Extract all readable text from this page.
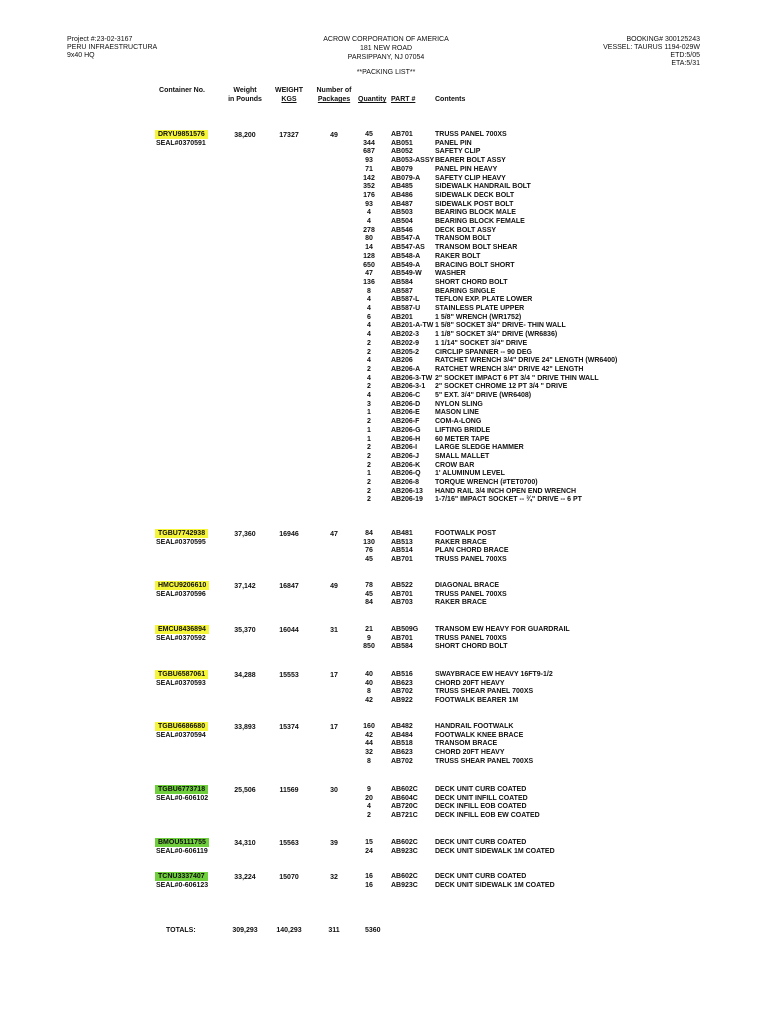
Project #:23-02-3167
PERU INFRAESTRUCTURA
9x40 HQ
ACROW CORPORATION OF AMERICA
181 NEW ROAD
PARSIPPANY, NJ 07054
**PACKING LIST**
BOOKING# 300125243
VESSEL: TAURUS 1194-029W
ETD:5/05
ETA:5/31
Container No.	Weight
in Pounds
WEIGHT
KGS
Number of
Packages	Quantity PART #	Contents
DRYU9851576
SEAL#0370591
38,200	17327	49	45	AB701	TRUSS PANEL 700XS
344	AB051	PANEL PIN
687	AB052	SAFETY CLIP
93	AB053-ASSY BEARER BOLT ASSY
71	AB079	PANEL PIN HEAVY
142	AB079-A SAFETY CLIP HEAVY
352	AB485	SIDEWALK HANDRAIL BOLT
176	AB486	SIDEWALK DECK BOLT
93	AB487	SIDEWALK POST BOLT
4	AB503	BEARING BLOCK MALE
4	AB504	BEARING BLOCK FEMALE
278	AB546	DECK BOLT ASSY
80	AB547-A TRANSOM BOLT
14	AB547-AS TRANSOM BOLT SHEAR
128	AB548-A RAKER BOLT
650	AB549-A BRACING BOLT SHORT
47	AB549-W WASHER
136	AB584	SHORT CHORD BOLT
8	AB587	BEARING SINGLE
4	AB587-L TEFLON EXP. PLATE LOWER
4	AB587-U STAINLESS PLATE UPPER
6	AB201	1 5/8" WRENCH (WR1752)
4	AB201-A-TW 1 5/8" SOCKET 3/4" DRIVE- THIN WALL
4	AB202-3 1 1/8" SOCKET 3/4" DRIVE (WR6836)
2	AB202-9 1 1/14" SOCKET 3/4" DRIVE
2	AB205-2 CIRCLIP SPANNER -- 90 DEG
4	AB206	RATCHET WRENCH 3/4" DRIVE 24" LENGTH (WR6400)
2	AB206-A RATCHET WRENCH 3/4" DRIVE 42" LENGTH
4	AB206-3-TW 2" SOCKET IMPACT 6 PT 3/4 " DRIVE THIN WALL
2	AB206-3-1 2" SOCKET CHROME 12 PT 3/4 " DRIVE
4	AB206-C 5" EXT. 3/4" DRIVE (WR6408)
3	AB206-D NYLON SLING
1	AB206-E MASON LINE
2	AB206-F COM-A-LONG
1	AB206-G LIFTING BRIDLE
1	AB206-H 60 METER TAPE
2	AB206-I	LARGE SLEDGE HAMMER
2	AB206-J SMALL MALLET
2	AB206-K CROW BAR
1	AB206-Q 1' ALUMINUM LEVEL
2	AB206-8 TORQUE WRENCH (#TET0700)
2	AB206-13 HAND RAIL 3/4 INCH OPEN END WRENCH
2	AB206-19 1-7/16" IMPACT SOCKET -- ¾" DRIVE -- 6 PT
TGBU7742938
SEAL#0370595
37,360	16946	47	84	AB481	FOOTWALK POST
130	AB513	RAKER BRACE
76	AB514	PLAN CHORD BRACE
45	AB701	TRUSS PANEL 700XS
HMCU9206610
SEAL#0370596
37,142	16847	49	78	AB522	DIAGONAL BRACE
45	AB701	TRUSS PANEL 700XS
84	AB703	RAKER BRACE
EMCU8436894
SEAL#0370592
35,370	16044	31	21	AB509G TRANSOM EW HEAVY FOR GUARDRAIL
9	AB701	TRUSS PANEL 700XS
850	AB584	SHORT CHORD BOLT
TGBU6587061
SEAL#0370593
34,288	15553	17	40	AB516	SWAYBRACE EW HEAVY 16FT9-1/2
40	AB623	CHORD 20FT HEAVY
8	AB702	TRUSS SHEAR PANEL 700XS
42	AB922	FOOTWALK BEARER 1M
TGBU6686680
SEAL#0370594
33,893	15374	17	160	AB482	HANDRAIL FOOTWALK
42	AB484	FOOTWALK KNEE BRACE
44	AB518	TRANSOM BRACE
32	AB623	CHORD 20FT HEAVY
8	AB702	TRUSS SHEAR PANEL 700XS
TGBU6773718
SEAL#0-606102
25,506	11569	30	9	AB602C DECK UNIT CURB COATED
20	AB604C DECK UNIT INFILL COATED
4	AB720C DECK INFILL EOB COATED
2	AB721C DECK INFILL EOB EW COATED
BMOU5111755
SEAL#0-606119
34,310	15563	39	15	AB602C DECK UNIT CURB COATED
24	AB923C DECK UNIT SIDEWALK 1M COATED
TCNU3337407
SEAL#0-606123
33,224	15070	32	16	AB602C DECK UNIT CURB COATED
16	AB923C DECK UNIT SIDEWALK 1M COATED
TOTALS:	309,293	140,293	311	5360
